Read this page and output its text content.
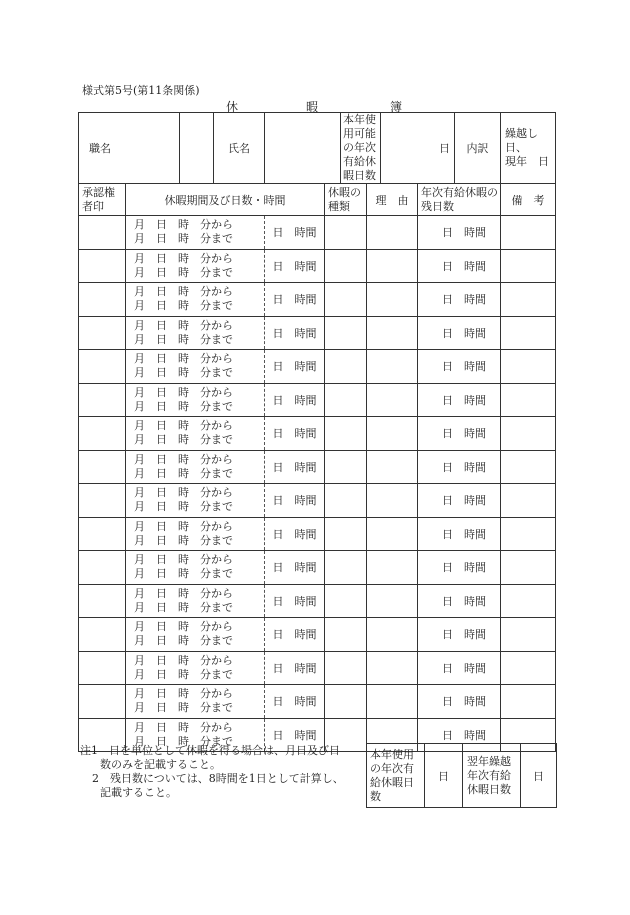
様式第5号(第11条関係)
休	暇	簿
職名			氏名			本年使用可能の年次有給休暇日数		日		内訳	繰越し　日、
現年　日

承認権者印	休暇期間及び日数・時間				休暇の種類		理　由		年次有給休暇の残日数		備　考

	月　日　時　分から
月　日　時　分まで			日　時間					日　時間		

	月　日　時　分から
月　日　時　分まで			日　時間					日　時間		

	月　日　時　分から
月　日　時　分まで			日　時間					日　時間		

	月　日　時　分から
月　日　時　分まで			日　時間					日　時間		

	月　日　時　分から
月　日　時　分まで			日　時間					日　時間		

	月　日　時　分から
月　日　時　分まで			日　時間					日　時間		

	月　日　時　分から
月　日　時　分まで			日　時間					日　時間		

	月　日　時　分から
月　日　時　分まで			日　時間					日　時間		

	月　日　時　分から
月　日　時　分まで			日　時間					日　時間		

	月　日　時　分から
月　日　時　分まで			日　時間					日　時間		

	月　日　時　分から
月　日　時　分まで			日　時間					日　時間		

	月　日　時　分から
月　日　時　分まで			日　時間					日　時間		

	月　日　時　分から
月　日　時　分まで			日　時間					日　時間		

	月　日　時　分から
月　日　時　分まで			日　時間					日　時間		

	月　日　時　分から
月　日　時　分まで			日　時間					日　時間		

	月　日　時　分から
月　日　時　分まで			日　時間					日　時間		
注1　日を単位として休暇を得る場合は、月日及び日
数のみを記載すること。
2　残日数については、8時間を1日として計算し、
記載すること。
本年使用の年次有給休暇日数	日	翌年繰越年次有給休暇日数	日
